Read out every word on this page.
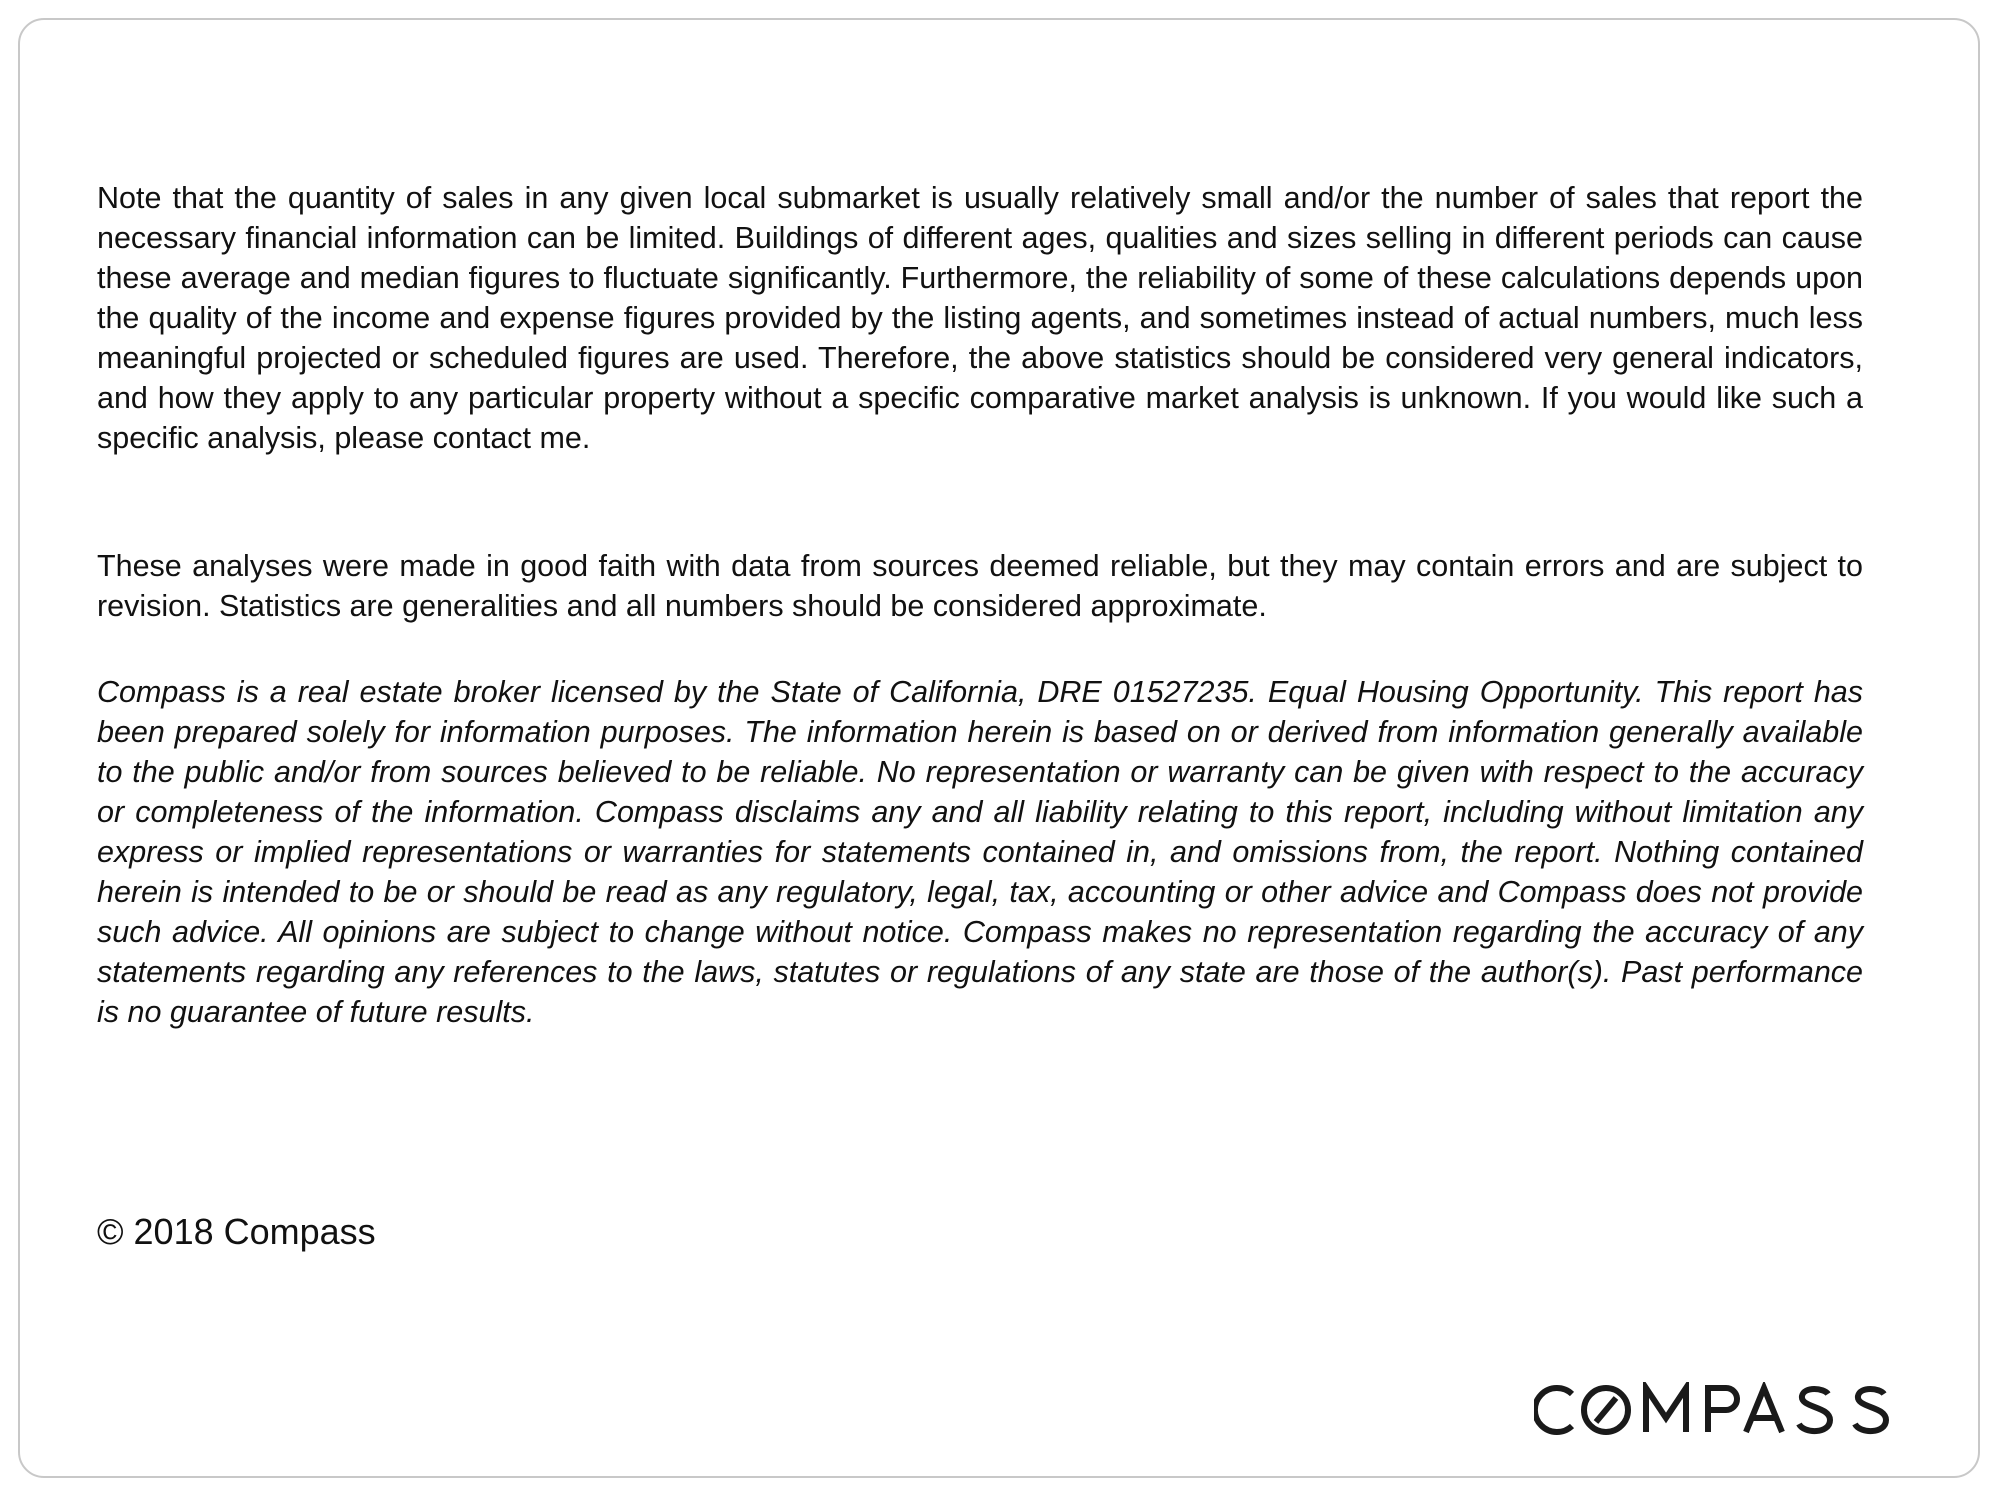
Note that the quantity of sales in any given local submarket is usually relatively small and/or the number of sales that report the necessary financial information can be limited. Buildings of different ages, qualities and sizes selling in different periods can cause these average and median figures to fluctuate significantly. Furthermore, the reliability of some of these calculations depends upon the quality of the income and expense figures provided by the listing agents, and sometimes instead of actual numbers, much less meaningful projected or scheduled figures are used. Therefore, the above statistics should be considered very general indicators, and how they apply to any particular property without a specific comparative market analysis is unknown. If you would like such a specific analysis, please contact me.

These analyses were made in good faith with data from sources deemed reliable, but they may contain errors and are subject to revision. Statistics are generalities and all numbers should be considered approximate.

Compass is a real estate broker licensed by the State of California, DRE 01527235. Equal Housing Opportunity. This report has been prepared solely for information purposes. The information herein is based on or derived from information generally available to the public and/or from sources believed to be reliable. No representation or warranty can be given with respect to the accuracy or completeness of the information. Compass disclaims any and all liability relating to this report, including without limitation any express or implied representations or warranties for statements contained in, and omissions from, the report. Nothing contained herein is intended to be or should be read as any regulatory, legal, tax, accounting or other advice and Compass does not provide such advice. All opinions are subject to change without notice. Compass makes no representation regarding the accuracy of any statements regarding any references to the laws, statutes or regulations of any state are those of the author(s). Past performance is no guarantee of future results.

© 2018 Compass
